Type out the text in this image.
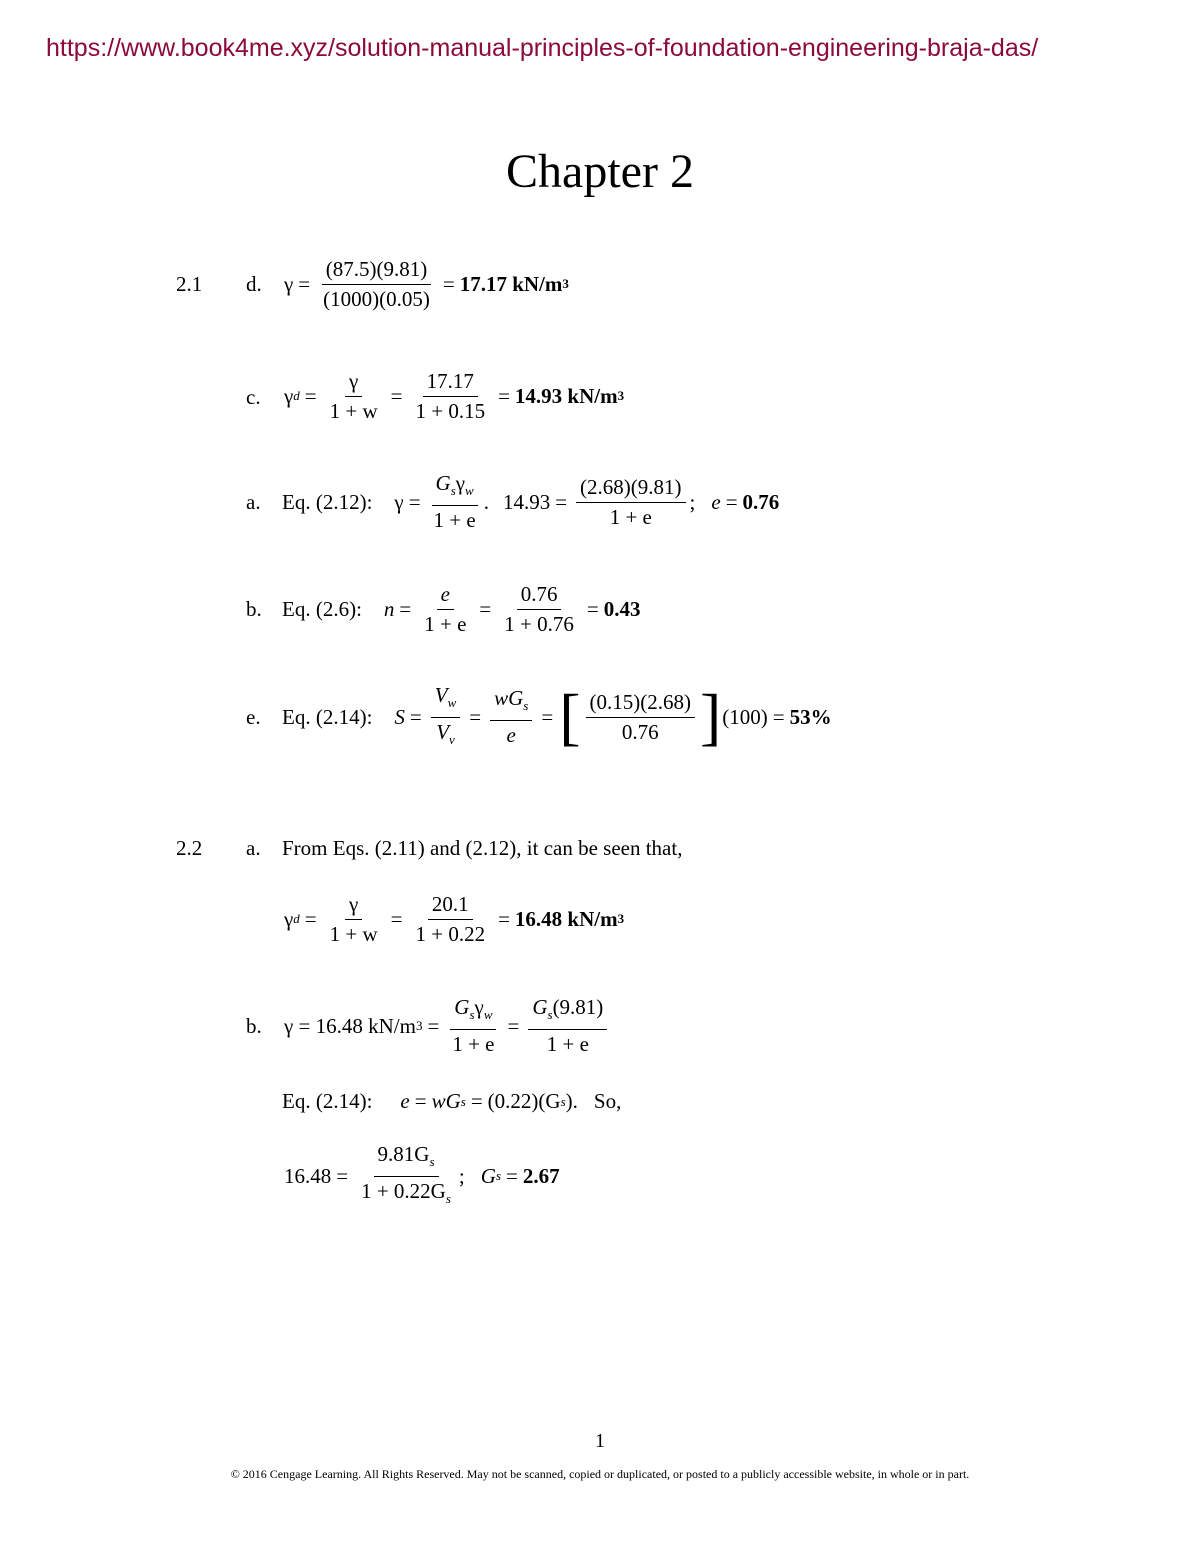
https://www.book4me.xyz/solution-manual-principles-of-foundation-engineering-braja-das/
Chapter 2
2.1 d. $\gamma = \frac{(87.5)(9.81)}{(1000)(0.05)} = 17.17$ kN/m 3
c. γ $d = \frac{\gamma}{1 + w} = \frac{17.17}{1 + 0.15} = 14.93$ kN/m 3
a. Eq. (2.12): $\gamma = \frac{G_s\gamma_w}{1 + e}$ . $14.93 = \frac{(2.68)(9.81)}{1 + e}$ ; e = 0.76
b. Eq. (2.6): $n = \frac{e}{1 + e} = \frac{0.76}{1 + 0.76} = 0.43$
e. Eq. (2.14): $S = \frac{V_w}{V_v} = \frac{wG_s}{e}$ = [ $\frac{(0.15)(2.68)}{0.76}$ ] (100) = 53%
2.2 a. From Eqs. (2.11) and (2.12), it can be seen that,
γ $d = \frac{\gamma}{1 + w} = \frac{20.1}{1 + 0.22} = 16.48$ kN/m 3
b. γ = 16.48 kN/m $3 = \frac{G_s\gamma_w}{1 + e} = \frac{G_s(9.81)}{1 + e}$
Eq. (2.14): e = wG s = (0.22)(G s ). So,
$16.48 = \frac{9.81G_s}{1 + 0.22G_s}$ ; G s = 2.67
1
© 2016 Cengage Learning. All Rights Reserved. May not be scanned, copied or duplicated, or posted to a publicly accessible website, in whole or in part.
